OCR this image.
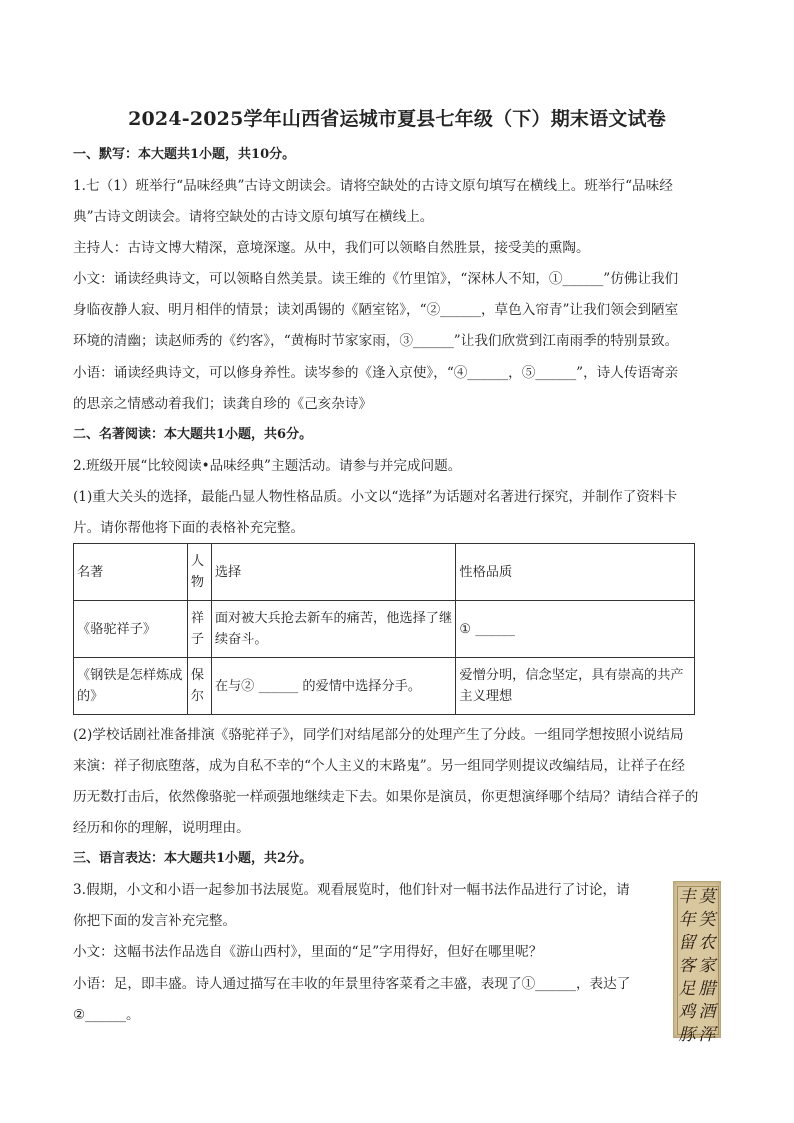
2024-2025学年山西省运城市夏县七年级（下）期末语文试卷
一、默写：本大题共1小题，共10分。
1.七（1）班举行“品味经典”古诗文朗读会。请将空缺处的古诗文原句填写在横线上。班举行“品味经
典”古诗文朗读会。请将空缺处的古诗文原句填写在横线上。
主持人：古诗文博大精深，意境深邃。从中，我们可以领略自然胜景，接受美的熏陶。
小文：诵读经典诗文，可以领略自然美景。读王维的《竹里馆》，“深林人不知，①______”仿佛让我们
身临夜静人寂、明月相伴的情景；读刘禹锡的《陋室铭》，“②______，草色入帘青”让我们领会到陋室
环境的清幽；读赵师秀的《约客》，“黄梅时节家家雨，③______”让我们欣赏到江南雨季的特别景致。
小语：诵读经典诗文，可以修身养性。读岑参的《逢入京使》，“④______，⑤______”，诗人传语寄亲
的思亲之情感动着我们；读龚自珍的《己亥杂诗》
二、名著阅读：本大题共1小题，共6分。
2.班级开展“比较阅读•品味经典”主题活动。请参与并完成问题。
(1)重大关头的选择，最能凸显人物性格品质。小文以“选择”为话题对名著进行探究，并制作了资料卡
片。请你帮他将下面的表格补充完整。
名著	人物	选择	性格品质
《骆驼祥子》	祥子	面对被大兵抢去新车的痛苦，他选择了继续奋斗。	① ______
《钢铁是怎样炼成的》	保尔	在与② ______ 的爱情中选择分手。	爱憎分明，信念坚定，具有崇高的共产主义理想
(2)学校话剧社准备排演《骆驼祥子》，同学们对结尾部分的处理产生了分歧。一组同学想按照小说结局
来演：祥子彻底堕落，成为自私不幸的“个人主义的末路鬼”。另一组同学则提议改编结局，让祥子在经
历无数打击后，依然像骆驼一样顽强地继续走下去。如果你是演员，你更想演绎哪个结局？请结合祥子的
经历和你的理解，说明理由。
三、语言表达：本大题共1小题，共2分。
3.假期，小文和小语一起参加书法展览。观看展览时，他们针对一幅书法作品进行了讨论，请
你把下面的发言补充完整。
小文：这幅书法作品选自《游山西村》，里面的“足”字用得好，但好在哪里呢？
小语：足，即丰盛。诗人通过描写在丰收的年景里待客菜肴之丰盛，表现了①______，表达了
②______。
莫笑农家腊酒浑
丰年留客足鸡豚
